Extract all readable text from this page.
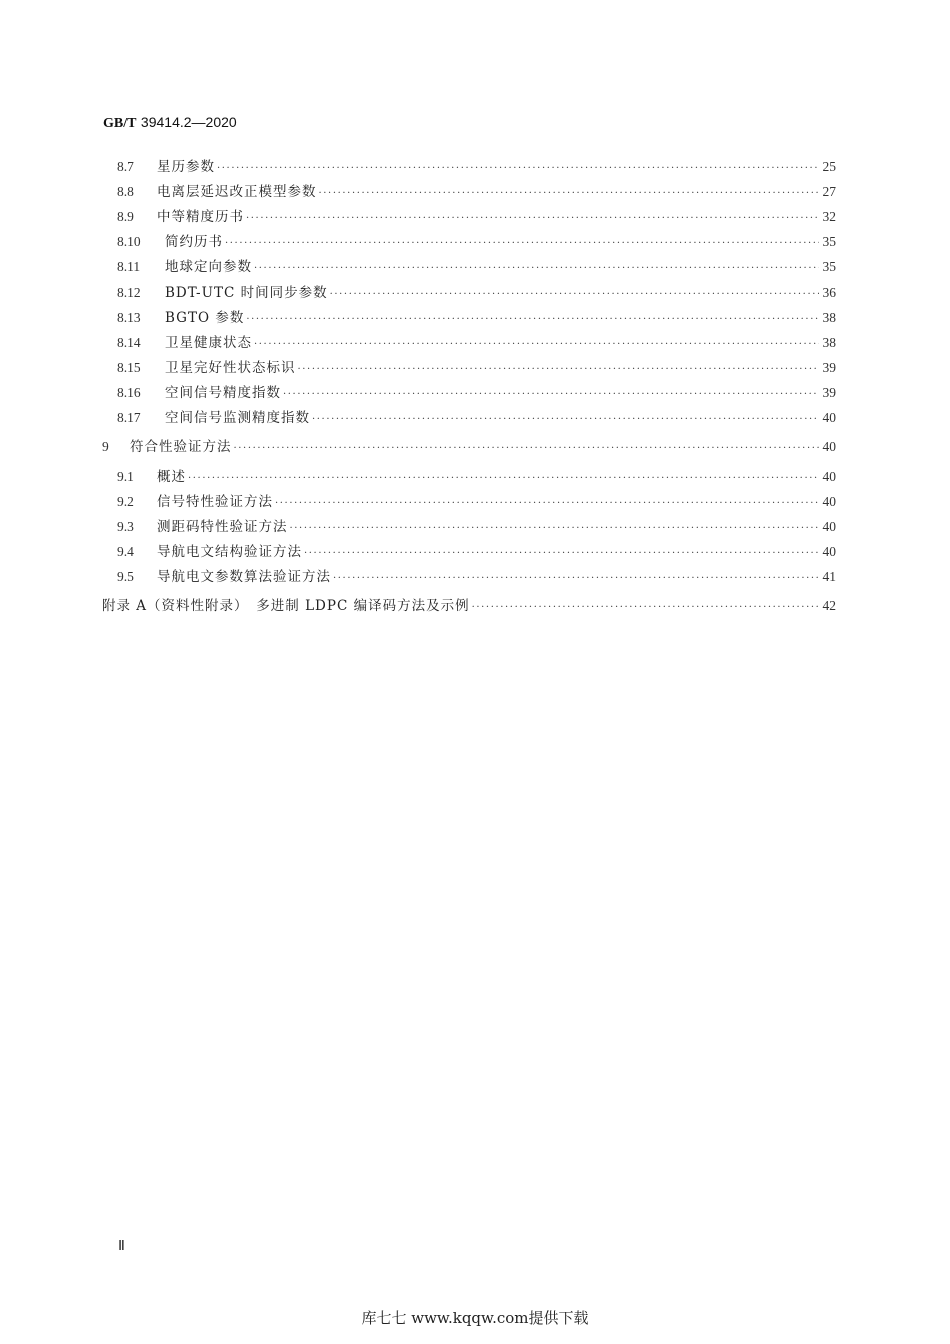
GB/T 39414.2—2020
8.7	星历参数 ·····	25
8.8	电离层延迟改正模型参数 ·····	27
8.9	中等精度历书 ·····	32
8.10	简约历书 ·····	35
8.11	地球定向参数 ·····	35
8.12	BDT-UTC 时间同步参数 ·····	36
8.13	BGTO 参数 ·····	38
8.14	卫星健康状态 ·····	38
8.15	卫星完好性状态标识 ·····	39
8.16	空间信号精度指数 ·····	39
8.17	空间信号监测精度指数 ·····	40
9	符合性验证方法 ·····	40
9.1	概述 ·····	40
9.2	信号特性验证方法 ·····	40
9.3	测距码特性验证方法 ·····	40
9.4	导航电文结构验证方法 ·····	40
9.5	导航电文参数算法验证方法 ·····	41
附录 A（资料性附录）　多进制 LDPC 编译码方法及示例 ·····	42
Ⅱ
库七七 www.kqqw.com提供下载
